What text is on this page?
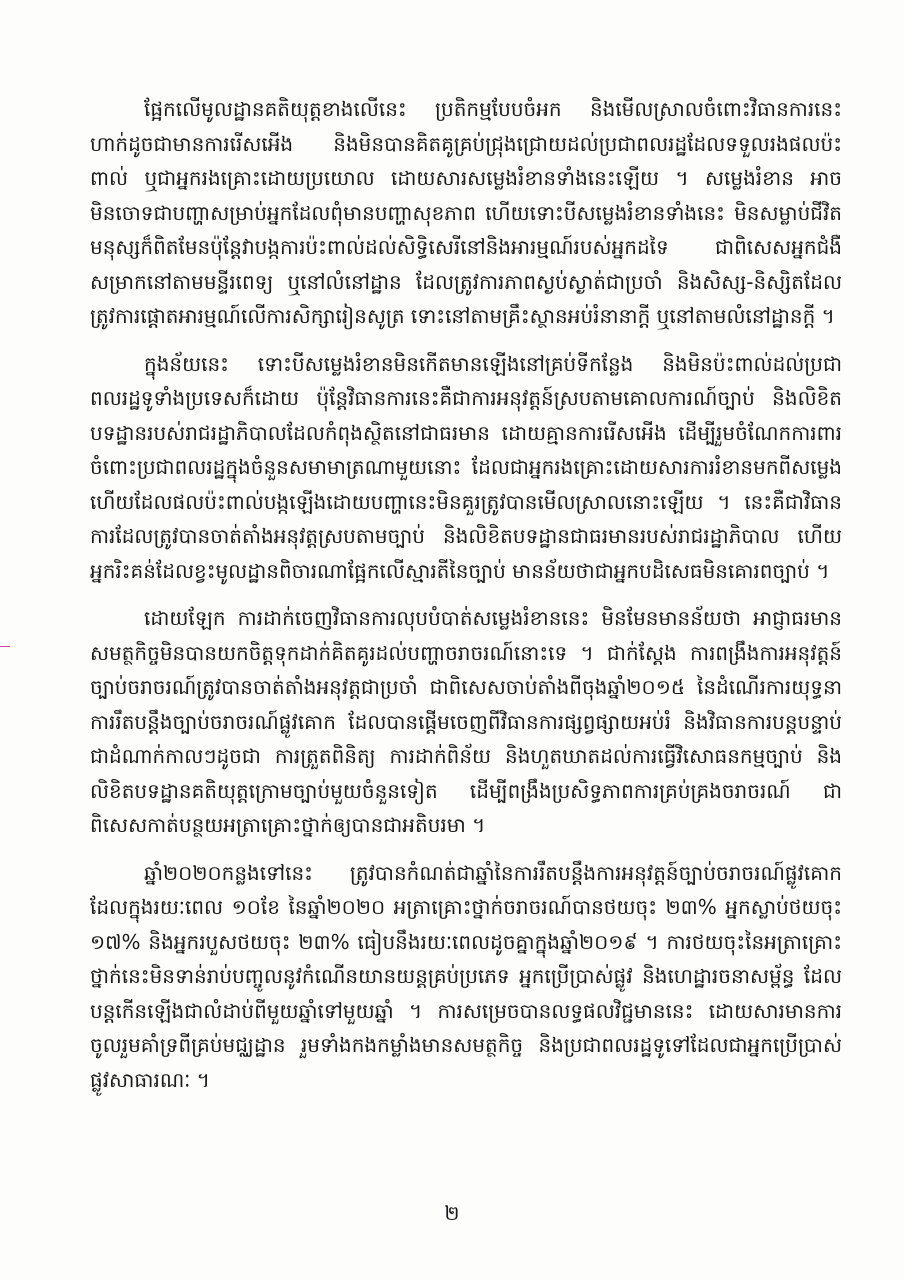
ផ្អែកលើមូលដ្ឋានគតិយុត្តខាងលើនេះ ប្រតិកម្មបែបចំអក និងមើលស្រាលចំពោះវិធានការនេះ ហាក់ដូចជាមានការរើសអើង និងមិនបានគិតគូគ្រប់ជ្រុងជ្រោយដល់ប្រជាពលរដ្ឋដែលទទួលរងផលប៉ះពាល់ ឬជាអ្នករងគ្រោះដោយប្រយោល ដោយសារសម្លេងរំខានទាំងនេះឡើយ ។ សម្លេងរំខាន អាចមិនចោទជាបញ្ហាសម្រាប់អ្នកដែលពុំមានបញ្ហាសុខភាព ហើយទោះបីសម្លេងរំខានទាំងនេះ មិនសម្លាប់ជីវិតមនុស្សក៏ពិតមែនប៉ុន្តែវាបង្កការប៉ះពាល់ដល់សិទ្ធិសេរីនៅនិងអារម្មណ៍របស់អ្នកដទៃ ជាពិសេសអ្នកជំងឺសម្រាកនៅតាមមន្ទីរពេទ្យ ឬនៅលំនៅដ្ឋាន ដែលត្រូវការភាពស្ងប់ស្ងាត់ជាប្រចាំ និងសិស្ស-និស្សិតដែលត្រូវការផ្ដោតអារម្មណ៍លើការសិក្សារៀនសូត្រ ទោះនៅតាមគ្រឹះស្ថានអប់រំនានាក្ដី ឬនៅតាមលំនៅដ្ឋានក្ដី ។

ក្នុងន័យនេះ ទោះបីសម្លេងរំខានមិនកើតមានឡើងនៅគ្រប់ទីកន្លែង និងមិនប៉ះពាល់ដល់ប្រជាពលរដ្ឋទូទាំងប្រទេសក៏ដោយ ប៉ុន្តែវិធានការនេះគឺជាការអនុវត្តន៍ស្របតាមគោលការណ៍ច្បាប់ និងលិខិតបទដ្ឋានរបស់រាជរដ្ឋាភិបាលដែលកំពុងស្ថិតនៅជាធរមាន ដោយគ្មានការរើសអើង ដើម្បីរួមចំណែកការពារចំពោះប្រជាពលរដ្ឋក្នុងចំនួនសមាមាត្រណាមួយនោះ ដែលជាអ្នករងគ្រោះដោយសារការរំខានមកពីសម្លេង ហើយដែលផលប៉ះពាល់បង្កឡើងដោយបញ្ហានេះមិនគួរត្រូវបានមើលស្រាលនោះឡើយ ។ នេះគឺជាវិធានការដែលត្រូវបានចាត់តាំងអនុវត្តស្របតាមច្បាប់ និងលិខិតបទដ្ឋានជាធរមានរបស់រាជរដ្ឋាភិបាល ហើយអ្នករិះគន់ដែលខ្វះមូលដ្ឋានពិចារណាផ្អែកលើស្មារតីនៃច្បាប់ មានន័យថាជាអ្នកបដិសេធមិនគោរពច្បាប់ ។

ដោយឡែក ការដាក់ចេញវិធានការលុបបំបាត់សម្លេងរំខាននេះ មិនមែនមានន័យថា អាជ្ញាធរមានសមត្ថកិច្ចមិនបានយកចិត្តទុកដាក់គិតគូរដល់បញ្ហាចរាចរណ៍នោះទេ ។ ជាក់ស្ដែង ការពង្រឹងការអនុវត្តន៍ច្បាប់ចរាចរណ៍ត្រូវបានចាត់តាំងអនុវត្តជាប្រចាំ ជាពិសេសចាប់តាំងពីចុងឆ្នាំ២០១៥ នៃដំណើរការយុទ្ធនាការរឹតបន្តឹងច្បាប់ចរាចរណ៍ផ្លូវគោក ដែលបានផ្ដើមចេញពីវិធានការផ្សព្វផ្សាយអប់រំ និងវិធានការបន្តបន្ទាប់ជាដំណាក់កាលៗដូចជា ការត្រួតពិនិត្យ ការដាក់ពិន័យ និងហួតឃាតដល់ការធ្វើវិសោធនកម្មច្បាប់ និងលិខិតបទដ្ឋានគតិយុត្តក្រោមច្បាប់មួយចំនួនទៀត ដើម្បីពង្រឹងប្រសិទ្ធភាពការគ្រប់គ្រងចរាចរណ៍ ជាពិសេសកាត់បន្ថយអត្រាគ្រោះថ្នាក់ឲ្យបានជាអតិបរមា ។

ឆ្នាំ២០២០កន្លងទៅនេះ ត្រូវបានកំណត់ជាឆ្នាំនៃការរឹតបន្តឹងការអនុវត្តន៍ច្បាប់ចរាចរណ៍ផ្លូវគោក ដែលក្នុងរយៈពេល ១០ខែ នៃឆ្នាំ២០២០ អត្រាគ្រោះថ្នាក់ចរាចរណ៍បានថយចុះ ២៣% អ្នកស្លាប់ថយចុះ ១៧% និងអ្នករបួសថយចុះ ២៣% ធៀបនឹងរយៈពេលដូចគ្នាក្នុងឆ្នាំ២០១៩ ។ ការថយចុះនៃអត្រាគ្រោះថ្នាក់នេះមិនទាន់រាប់បញ្ចូលនូវកំណើនយានយន្តគ្រប់ប្រភេទ អ្នកប្រើប្រាស់ផ្លូវ និងហេដ្ឋារចនាសម្ព័ន្ធ ដែលបន្តកើនឡើងជាលំដាប់ពីមួយឆ្នាំទៅមួយឆ្នាំ ។ ការសម្រេចបានលទ្ធផលវិជ្ជមាននេះ ដោយសារមានការចូលរួមគាំទ្រពីគ្រប់មជ្ឈដ្ឋាន រួមទាំងកងកម្លាំងមានសមត្ថកិច្ច និងប្រជាពលរដ្ឋទូទៅដែលជាអ្នកប្រើប្រាស់ផ្លូវសាធារណៈ ។

២
